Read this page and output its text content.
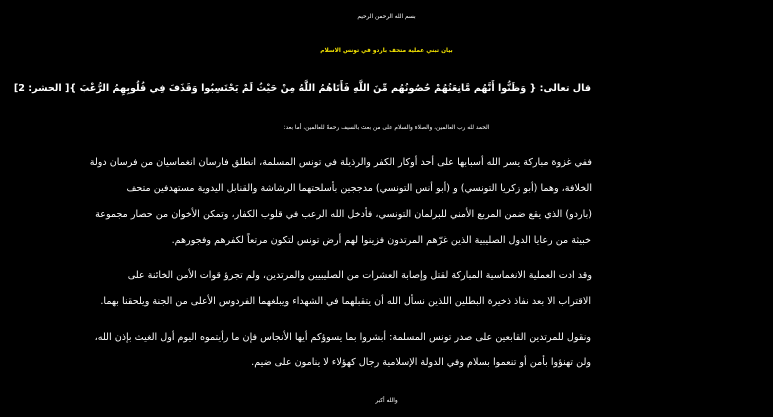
بسم الله الرحمن الرحيم
بيان تبني عملية متحف باردو في تونس الاسلام
قال تعالى: { وَظَنُّوا أَنَّهُم مَّانِعَتُهُمْ حُصُونُهُم مِّنَ اللَّهِ فَأَتَاهُمُ اللَّهُ مِنْ حَيْثُ لَمْ يَحْتَسِبُوا وَقَذَفَ فِي قُلُوبِهِمُ الرُّعْبَ }[ الحشر: 2]
الحمد لله رب العالمين، والصلاة والسلام على من بعث بالسيف رحمةً للعالمين، أما بعد:
ففي غزوة مباركة يسر الله أسبابها على أحد أوكار الكفر والرذيلة في تونس المسلمة، انطلق فارسان انغماسيان من فرسان دولة
الخلافة، وهما (أبو زكريا التونسي) و (أبو أنس التونسي) مدججين بأسلحتهما الرشاشة والقنابل اليدوية مستهدفين متحف
(باردو) الذي يقع ضمن المربع الأمني للبرلمان التونسي، فأدخل الله الرعب في قلوب الكفار، وتمكن الأخوان من حصار مجموعة
خبيثة من رعايا الدول الصليبية الذين غرّهم المرتدون فزينوا لهم أرض تونس لتكون مرتعاً لكفرهم وفجورهم.
وقد ادت العملية الانغماسية المباركة لقتل وإصابة العشرات من الصليبيين والمرتدين، ولم تجرؤ قوات الأمن الخائنة على
الاقتراب الا بعد نفاذ ذخيرة البطلين اللذين نسأل الله أن يتقبلهما في الشهداء ويبلغهما الفردوس الأعلى من الجنة ويلحقنا بهما.
ونقول للمرتدين القابعين على صدر تونس المسلمة: أبشروا بما يسوؤكم أيها الأنجاس فإن ما رأيتموه اليوم أول الغيث بإذن الله،
ولن تهنؤوا بأمن أو تنعموا بسلام وفي الدولة الإسلامية رجال كهؤلاء لا ينامون على ضيم.
والله أكبر
